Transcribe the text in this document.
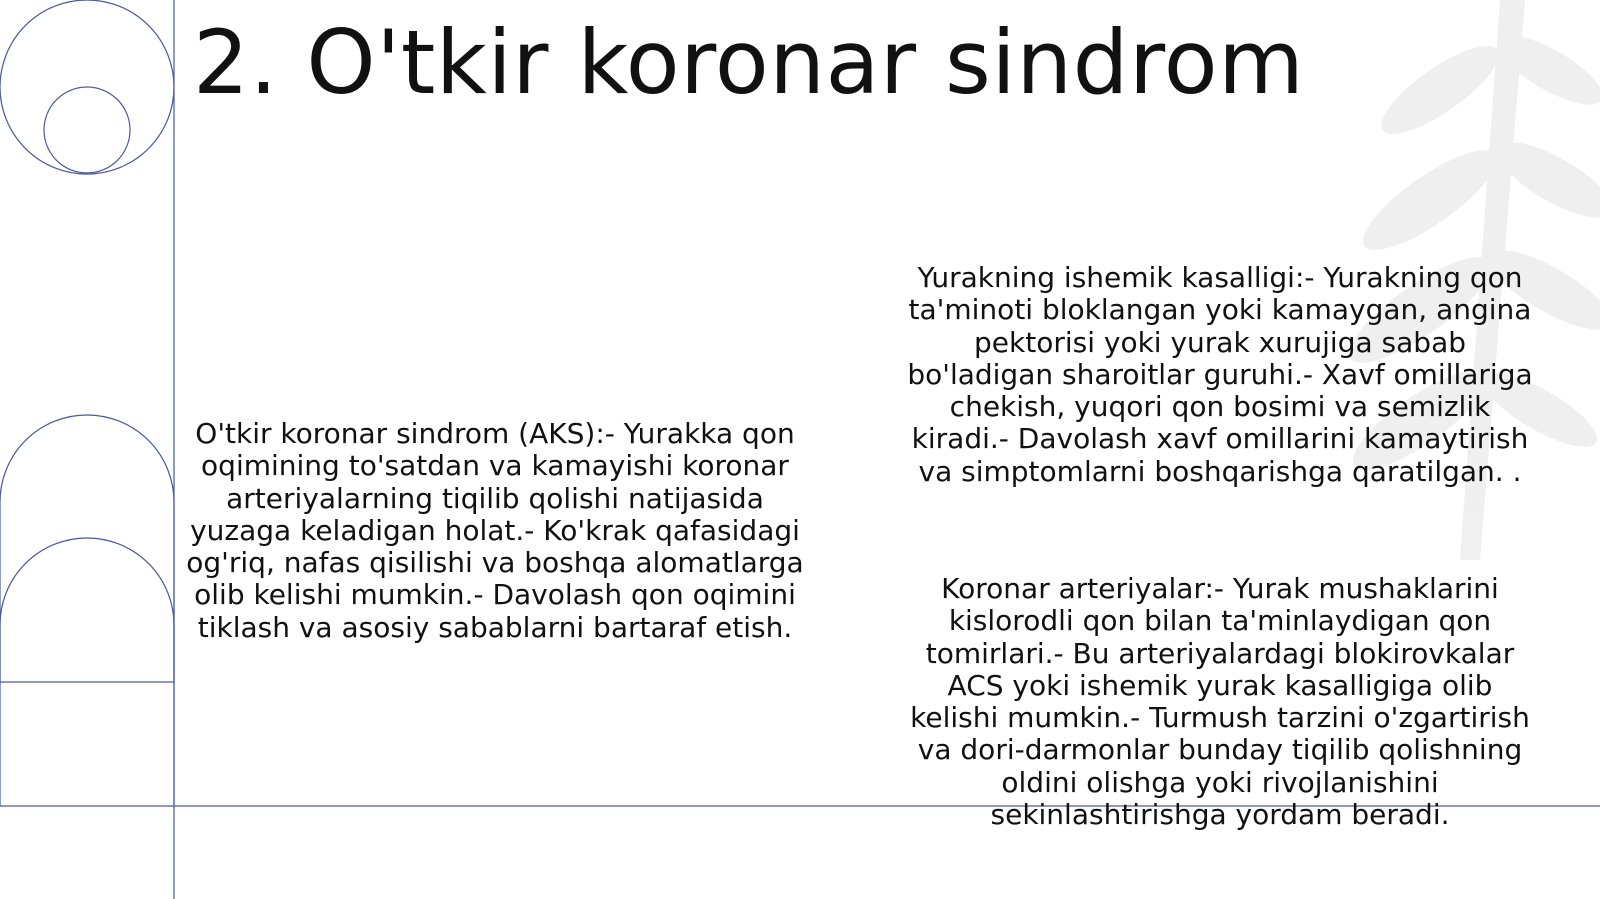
2. O'tkir koronar sindrom

O'tkir koronar sindrom (AKS):- Yurakka qon oqimining to'satdan va kamayishi koronar arteriyalarning tiqilib qolishi natijasida yuzaga keladigan holat.- Ko'krak qafasidagi og'riq, nafas qisilishi va boshqa alomatlarga olib kelishi mumkin.- Davolash qon oqimini tiklash va asosiy sabablarni bartaraf etish.

Yurakning ishemik kasalligi:- Yurakning qon ta'minoti bloklangan yoki kamaygan, angina pektorisi yoki yurak xurujiga sabab bo'ladigan sharoitlar guruhi.- Xavf omillariga chekish, yuqori qon bosimi va semizlik kiradi.- Davolash xavf omillarini kamaytirish va simptomlarni boshqarishga qaratilgan. .

Koronar arteriyalar:- Yurak mushaklarini kislorodli qon bilan ta'minlaydigan qon tomirlari.- Bu arteriyalardagi blokirovkalar ACS yoki ishemik yurak kasalligiga olib kelishi mumkin.- Turmush tarzini o'zgartirish va dori-darmonlar bunday tiqilib qolishning oldini olishga yoki rivojlanishini sekinlashtirishga yordam beradi.
